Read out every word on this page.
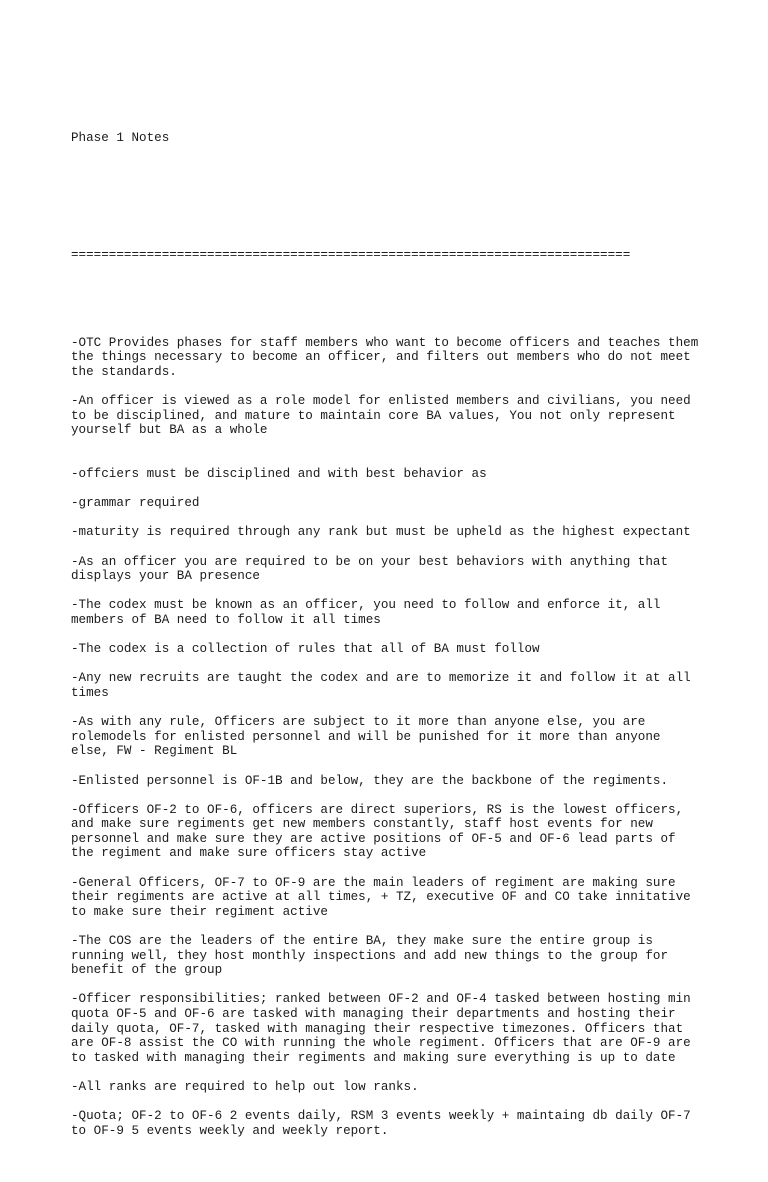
Phase 1 Notes

==========================================================================

-OTC Provides phases for staff members who want to become officers and teaches them
the things necessary to become an officer, and filters out members who do not meet
the standards.
-An officer is viewed as a role model for enlisted members and civilians, you need
to be disciplined, and mature to maintain core BA values, You not only represent
yourself but BA as a whole
-offciers must be disciplined and with best behavior as
-grammar required
-maturity is required through any rank but must be upheld as the highest expectant
-As an officer you are required to be on your best behaviors with anything that
displays your BA presence
-The codex must be known as an officer, you need to follow and enforce it, all
members of BA need to follow it all times
-The codex is a collection of rules that all of BA must follow
-Any new recruits are taught the codex and are to memorize it and follow it at all
times
-As with any rule, Officers are subject to it more than anyone else, you are
rolemodels for enlisted personnel and will be punished for it more than anyone
else, FW - Regiment BL
-Enlisted personnel is OF-1B and below, they are the backbone of the regiments.
-Officers OF-2 to OF-6, officers are direct superiors, RS is the lowest officers,
and make sure regiments get new members constantly, staff host events for new
personnel and make sure they are active positions of OF-5 and OF-6 lead parts of
the regiment and make sure officers stay active
-General Officers, OF-7 to OF-9 are the main leaders of regiment are making sure
their regiments are active at all times, + TZ, executive OF and CO take innitative
to make sure their regiment active
-The COS are the leaders of the entire BA, they make sure the entire group is
running well, they host monthly inspections and add new things to the group for
benefit of the group
-Officer responsibilities; ranked between OF-2 and OF-4 tasked between hosting min
quota OF-5 and OF-6 are tasked with managing their departments and hosting their
daily quota, OF-7, tasked with managing their respective timezones. Officers that
are OF-8 assist the CO with running the whole regiment. Officers that are OF-9 are
to tasked with managing their regiments and making sure everything is up to date
-All ranks are required to help out low ranks.
-Quota; OF-2 to OF-6 2 events daily, RSM 3 events weekly + maintaing db daily OF-7
to OF-9 5 events weekly and weekly report.
